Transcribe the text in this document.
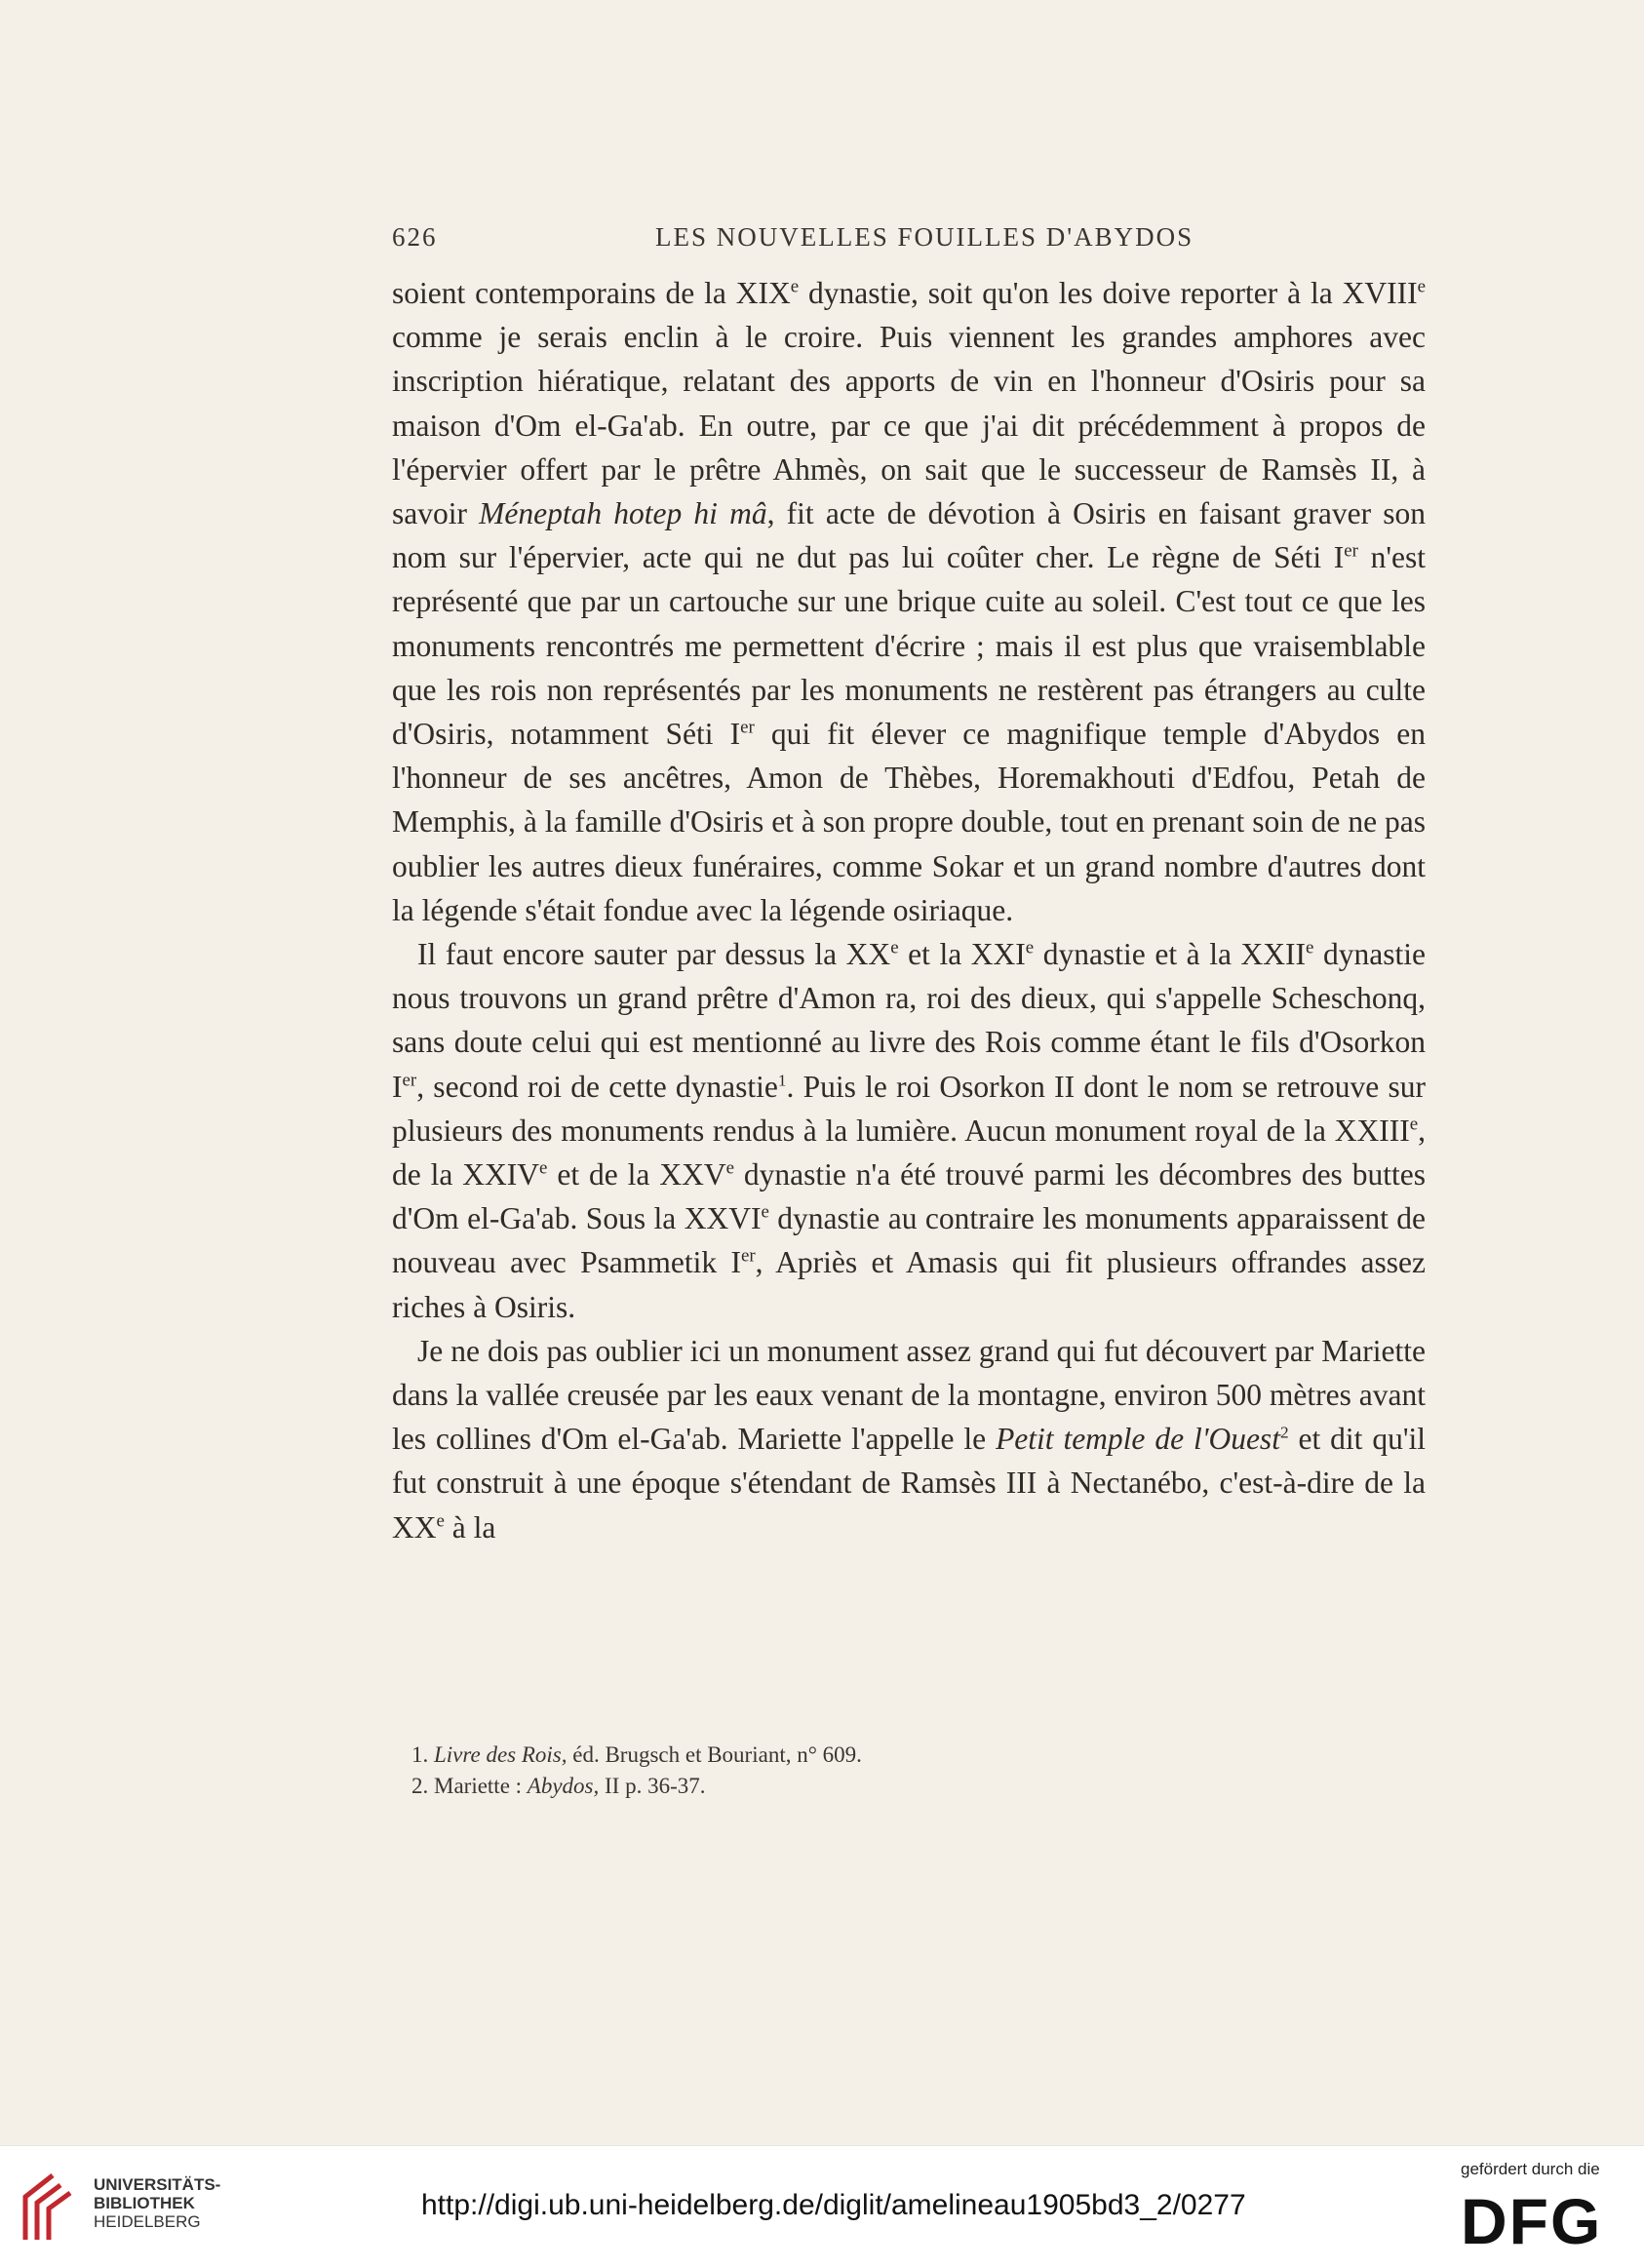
626	LES NOUVELLES FOUILLES D'ABYDOS

soient contemporains de la XIXe dynastie, soit qu'on les doive reporter à la XVIIIe comme je serais enclin à le croire. Puis viennent les grandes amphores avec inscription hiératique, relatant des apports de vin en l'honneur d'Osiris pour sa maison d'Om el-Ga'ab. En outre, par ce que j'ai dit précédemment à propos de l'épervier offert par le prêtre Ahmès, on sait que le successeur de Ramsès II, à savoir Méneptah hotep hi mâ, fit acte de dévotion à Osiris en faisant graver son nom sur l'épervier, acte qui ne dut pas lui coûter cher. Le règne de Séti Ier n'est représenté que par un cartouche sur une brique cuite au soleil. C'est tout ce que les monuments rencontrés me permettent d'écrire ; mais il est plus que vraisemblable que les rois non représentés par les monuments ne restèrent pas étrangers au culte d'Osiris, notamment Séti Ier qui fit élever ce magnifique temple d'Abydos en l'honneur de ses ancêtres, Amon de Thèbes, Horemakhouti d'Edfou, Petah de Memphis, à la famille d'Osiris et à son propre double, tout en prenant soin de ne pas oublier les autres dieux funéraires, comme Sokar et un grand nombre d'autres dont la légende s'était fondue avec la légende osiriaque.

Il faut encore sauter par dessus la XXe et la XXIe dynastie et à la XXIIe dynastie nous trouvons un grand prêtre d'Amon ra, roi des dieux, qui s'appelle Scheschonq, sans doute celui qui est mentionné au livre des Rois comme étant le fils d'Osorkon Ier, second roi de cette dynastie$^1$. Puis le roi Osorkon II dont le nom se retrouve sur plusieurs des monuments rendus à la lumière. Aucun monument royal de la XXIIIe, de la XXIVe et de la XXVe dynastie n'a été trouvé parmi les décombres des buttes d'Om el-Ga'ab. Sous la XXVIe dynastie au contraire les monuments apparaissent de nouveau avec Psammetik Ier, Apriès et Amasis qui fit plusieurs offrandes assez riches à Osiris.

Je ne dois pas oublier ici un monument assez grand qui fut découvert par Mariette dans la vallée creusée par les eaux venant de la montagne, environ 500 mètres avant les collines d'Om el-Ga'ab. Mariette l'appelle le Petit temple de l'Ouest$^2$ et dit qu'il fut construit à une époque s'étendant de Ramsès III à Nectanébo, c'est-à-dire de la XXe à la

1. Livre des Rois, éd. Brugsch et Bouriant, n° 609.

2. Mariette : Abydos, II p. 36-37.

UNIVERSITÄTS-
BIBLIOTHEK
HEIDELBERG
http://digi.ub.uni-heidelberg.de/diglit/amelineau1905bd3_2/0277
gefördert durch die
DFG
